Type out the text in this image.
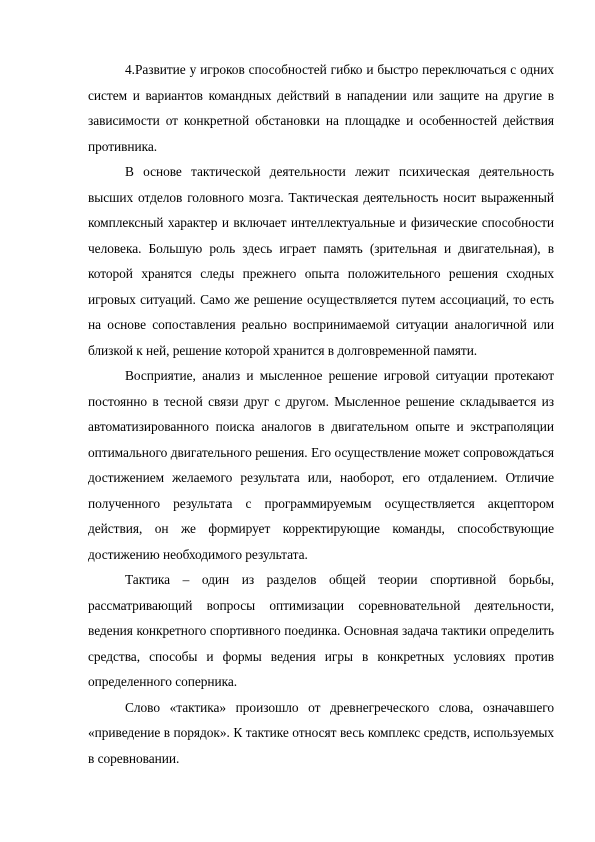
4.Развитие у игроков способностей гибко и быстро переключаться с одних систем и вариантов командных действий в нападении или защите на другие в зависимости от конкретной обстановки на площадке и особенностей действия противника.

В основе тактической деятельности лежит психическая деятельность высших отделов головного мозга. Тактическая деятельность носит выраженный комплексный характер и включает интеллектуальные и физические способности человека. Большую роль здесь играет память (зрительная и двигательная), в которой хранятся следы прежнего опыта положительного решения сходных игровых ситуаций. Само же решение осуществляется путем ассоциаций, то есть на основе сопоставления реально воспринимаемой ситуации аналогичной или близкой к ней, решение которой хранится в долговременной памяти.

Восприятие, анализ и мысленное решение игровой ситуации протекают постоянно в тесной связи друг с другом. Мысленное решение складывается из автоматизированного поиска аналогов в двигательном опыте и экстраполяции оптимального двигательного решения. Его осуществление может сопровождаться достижением желаемого результата или, наоборот, его отдалением. Отличие полученного результата с программируемым осуществляется акцептором действия, он же формирует корректирующие команды, способствующие достижению необходимого результата.

Тактика – один из разделов общей теории спортивной борьбы, рассматривающий вопросы оптимизации соревновательной деятельности, ведения конкретного спортивного поединка. Основная задача тактики определить средства, способы и формы ведения игры в конкретных условиях против определенного соперника.

Слово «тактика» произошло от древнегреческого слова, означавшего «приведение в порядок». К тактике относят весь комплекс средств, используемых в соревновании.
